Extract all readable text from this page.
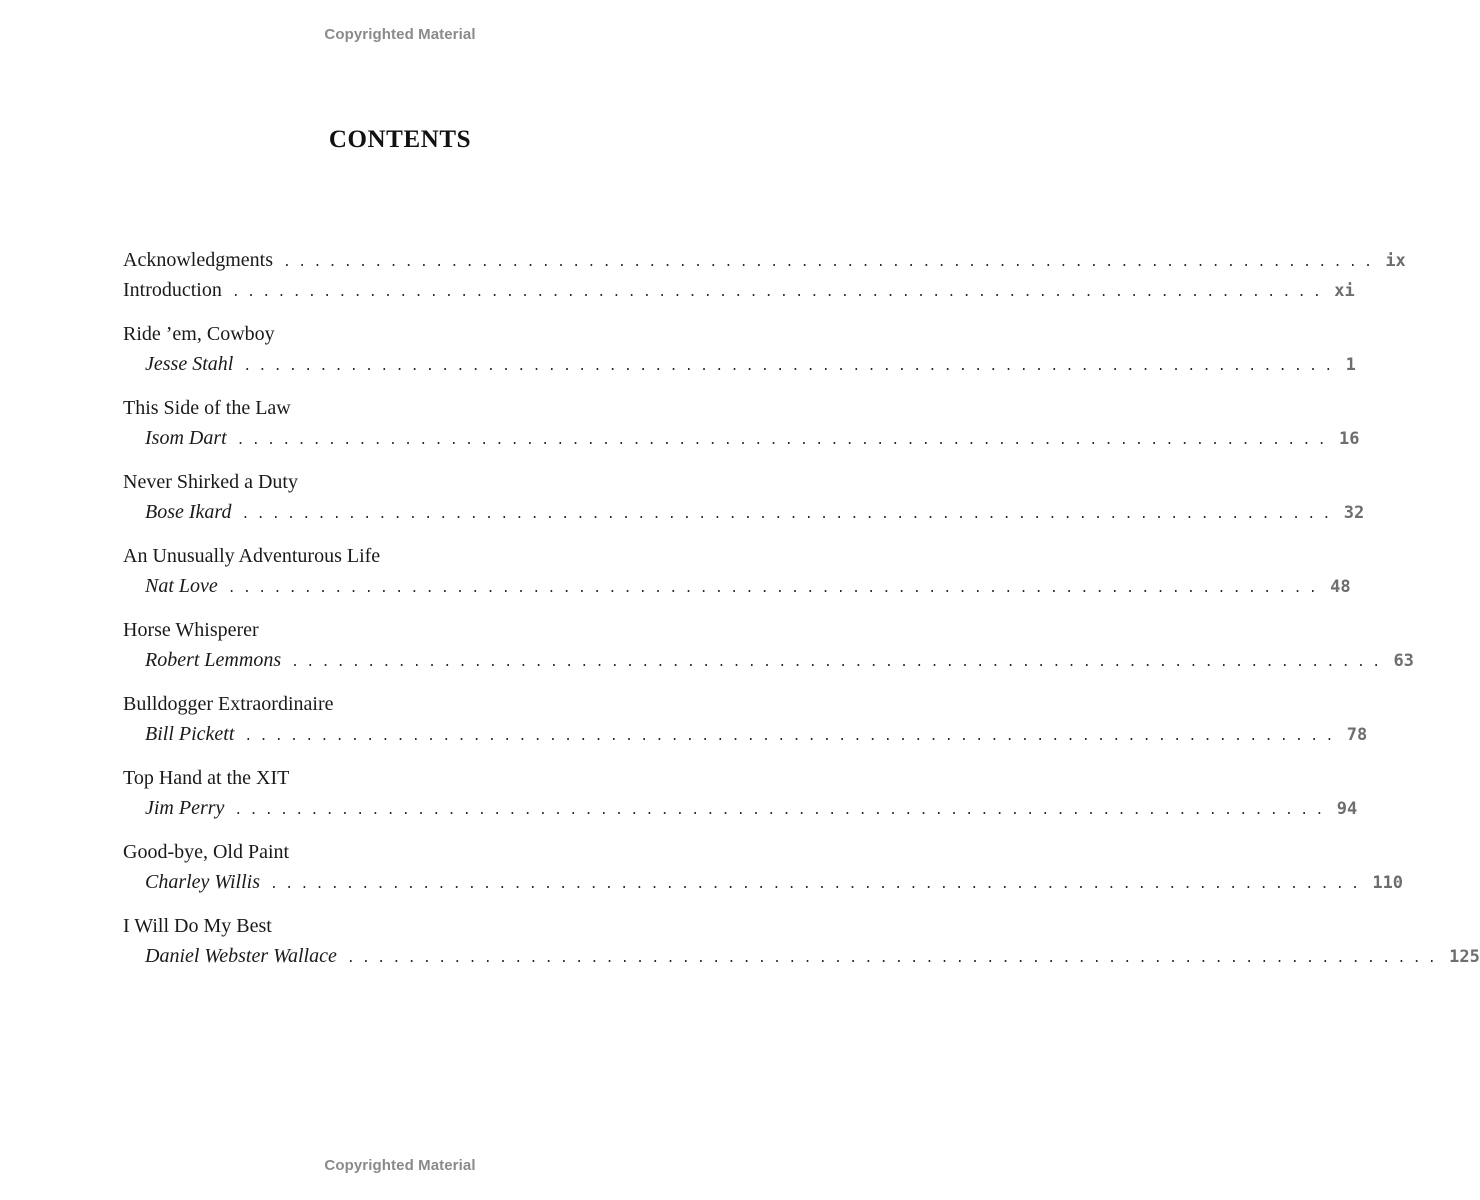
Copyrighted Material
CONTENTS
Acknowledgments ........................................................................ ix
Introduction ........................................................................ xi
Ride ’em, Cowboy
Jesse Stahl ........................................................................ 1
This Side of the Law
Isom Dart ........................................................................ 16
Never Shirked a Duty
Bose Ikard ........................................................................ 32
An Unusually Adventurous Life
Nat Love ........................................................................ 48
Horse Whisperer
Robert Lemmons ........................................................................ 63
Bulldogger Extraordinaire
Bill Pickett ........................................................................ 78
Top Hand at the XIT
Jim Perry ........................................................................ 94
Good-bye, Old Paint
Charley Willis ........................................................................ 110
I Will Do My Best
Daniel Webster Wallace ........................................................................ 125
Copyrighted Material
